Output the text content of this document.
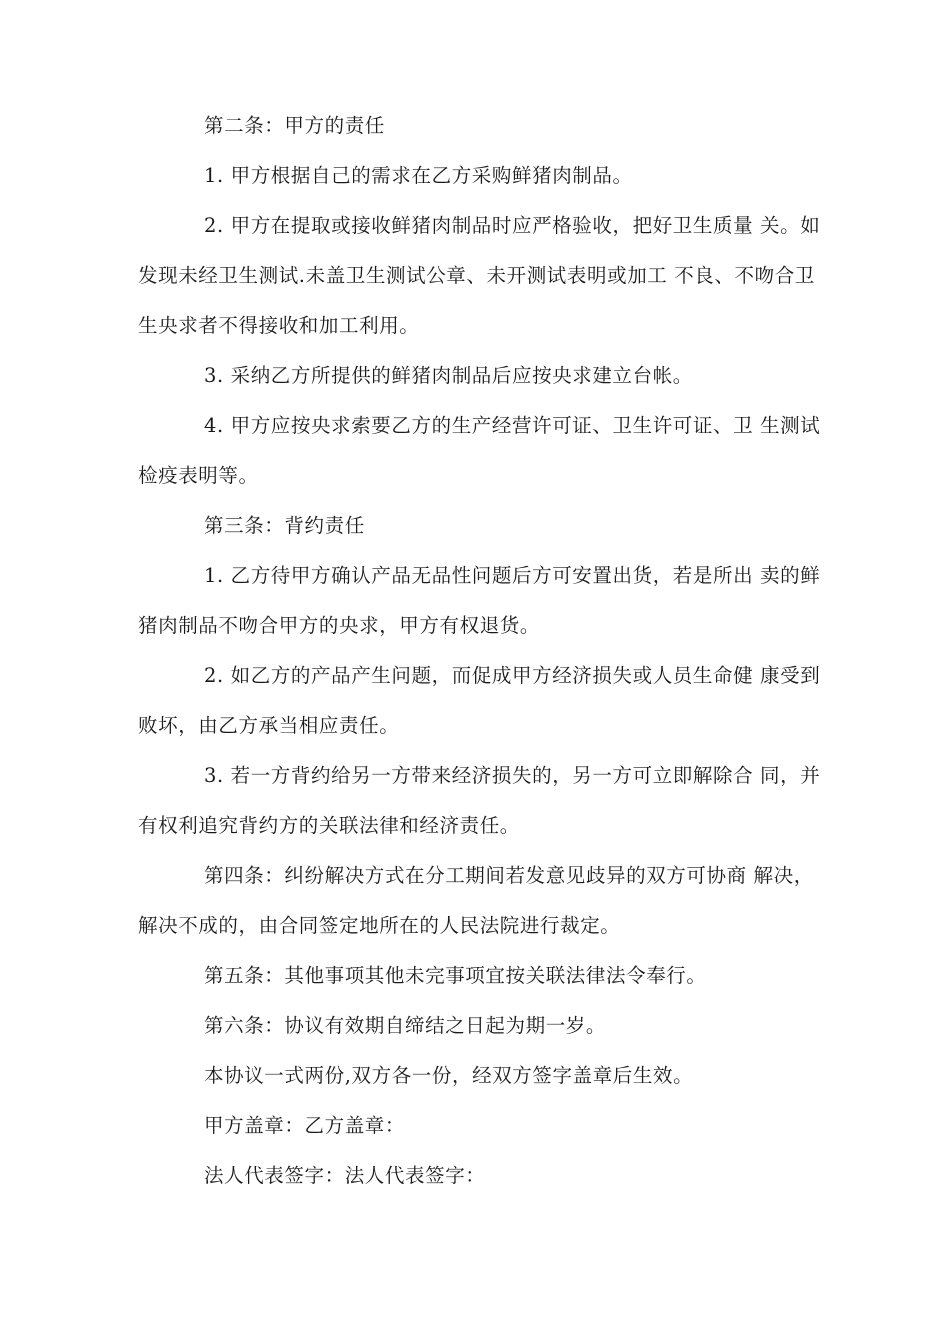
第二条：甲方的责任
1. 甲方根据自己的需求在乙方采购鲜猪肉制品。
2. 甲方在提取或接收鲜猪肉制品时应严格验收，把好卫生质量 关。如
发现未经卫生测试.未盖卫生测试公章、未开测试表明或加工 不良、不吻合卫
生央求者不得接收和加工利用。
3. 采纳乙方所提供的鲜猪肉制品后应按央求建立台帐。
4. 甲方应按央求索要乙方的生产经营许可证、卫生许可证、卫 生测试
检疫表明等。
第三条：背约责任
1. 乙方待甲方确认产品无品性问题后方可安置出货，若是所出 卖的鲜
猪肉制品不吻合甲方的央求，甲方有权退货。
2. 如乙方的产品产生问题，而促成甲方经济损失或人员生命健 康受到
败坏，由乙方承当相应责任。
3. 若一方背约给另一方带来经济损失的，另一方可立即解除合 同，并
有权利追究背约方的关联法律和经济责任。
第四条：纠纷解决方式在分工期间若发意见歧异的双方可协商 解决，
解决不成的，由合同签定地所在的人民法院进行裁定。
第五条：其他事项其他未完事项宜按关联法律法令奉行。
第六条：协议有效期自缔结之日起为期一岁。
本协议一式两份,双方各一份，经双方签字盖章后生效。
甲方盖章：乙方盖章：
法人代表签字：法人代表签字：
